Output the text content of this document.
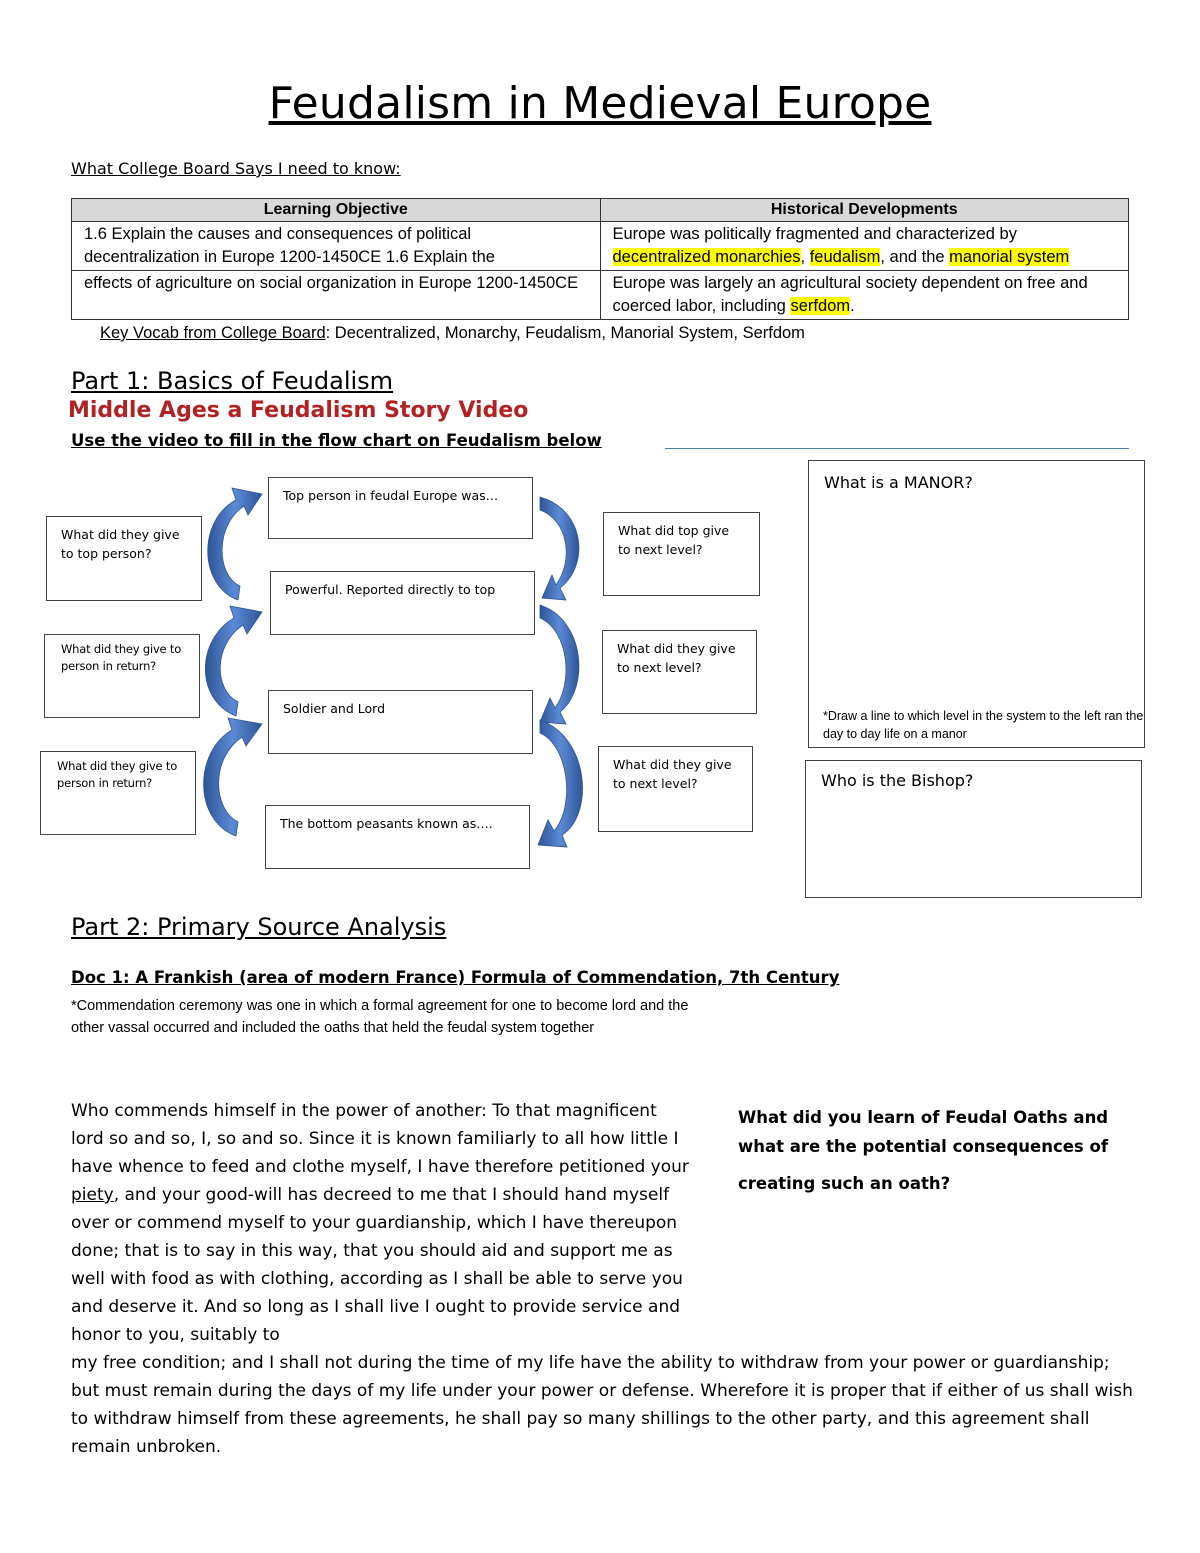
Feudalism in Medieval Europe
What College Board Says I need to know:
Learning Objective	Historical Developments
1.6 Explain the causes and consequences of political decentralization in Europe 1200-1450CE 1.6 Explain the	Europe was politically fragmented and characterized by decentralized monarchies, feudalism, and the manorial system
effects of agriculture on social organization in Europe 1200-1450CE	Europe was largely an agricultural society dependent on free and coerced labor, including serfdom.
Key Vocab from College Board: Decentralized, Monarchy, Feudalism, Manorial System, Serfdom
Part 1: Basics of Feudalism
Middle Ages a Feudalism Story Video
Use the video to fill in the flow chart on Feudalism below
Top person in feudal Europe was…
Powerful. Reported directly to top
Soldier and Lord
The bottom peasants known as….
What did they give to top person?
What did they give to person in return?
What did they give to person in return?
What did top give to next level?
What did they give to next level?
What did they give to next level?
What is a MANOR?
*Draw a line to which level in the system to the left ran the day to day life on a manor
Who is the Bishop?
Part 2: Primary Source Analysis
Doc 1: A Frankish (area of modern France) Formula of Commendation, 7th Century
*Commendation ceremony was one in which a formal agreement for one to become lord and the other vassal occurred and included the oaths that held the feudal system together
Who commends himself in the power of another: To that magnificent lord so and so, I, so and so. Since it is known familiarly to all how little I have whence to feed and clothe myself, I have therefore petitioned your piety, and your good-will has decreed to me that I should hand myself over or commend myself to your guardianship, which I have thereupon done; that is to say in this way, that you should aid and support me as well with food as with clothing, according as I shall be able to serve you and deserve it. And so long as I shall live I ought to provide service and honor to you, suitably to
my free condition; and I shall not during the time of my life have the ability to withdraw from your power or guardianship; but must remain during the days of my life under your power or defense. Wherefore it is proper that if either of us shall wish to withdraw himself from these agreements, he shall pay so many shillings to the other party, and this agreement shall remain unbroken.
What did you learn of Feudal Oaths and what are the potential consequences of
creating such an oath?
